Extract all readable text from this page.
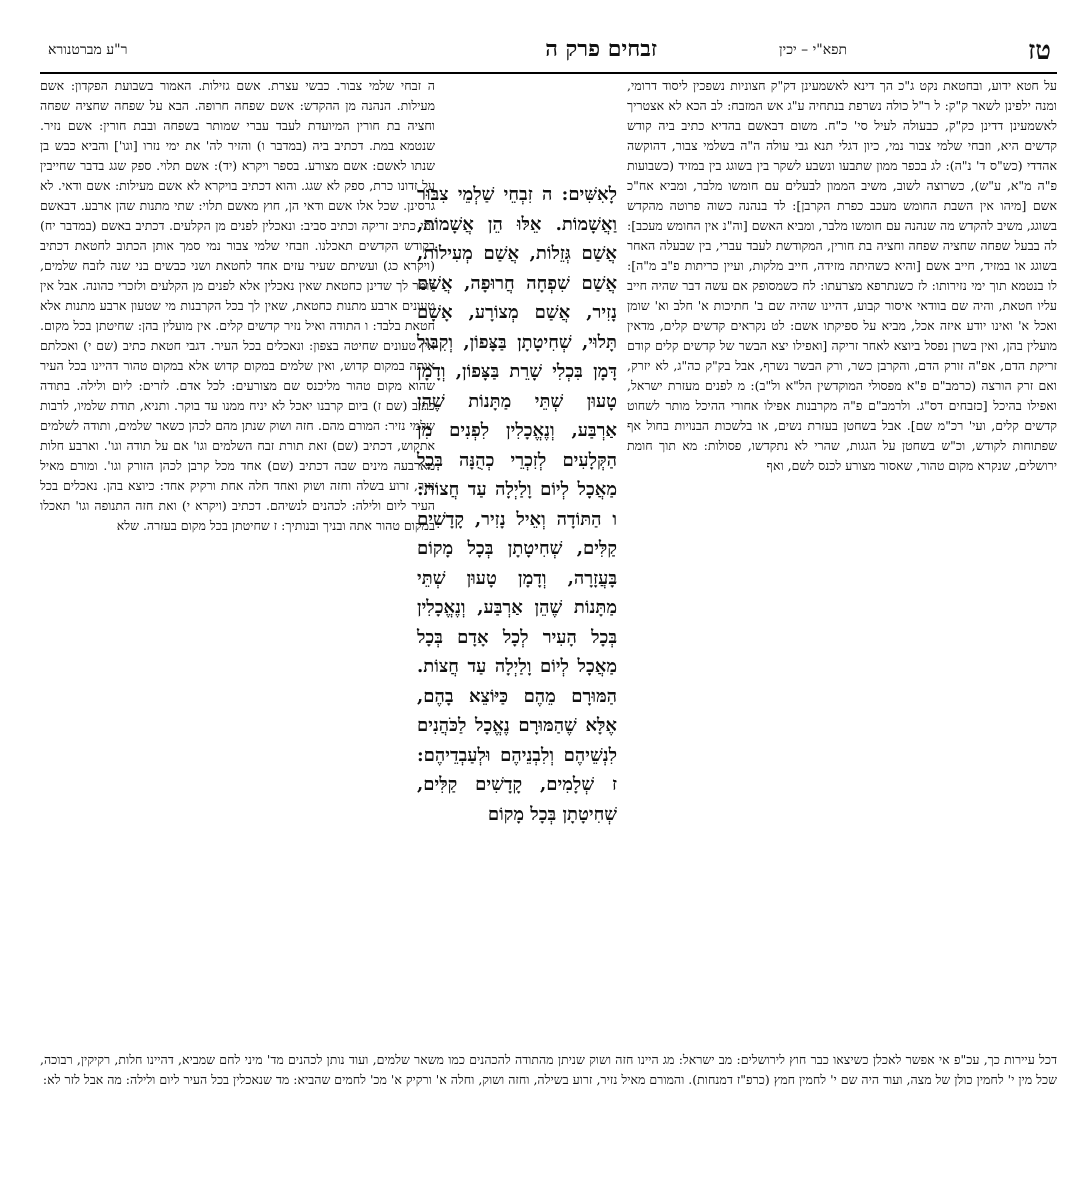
טז
תפא"י – יכין
זבחים פרק ה
ר"ע מברטנורא
על חטא ידוע, ובחטאת נקט ג"כ הך דינא לאשמעינן דק"ק חצוניות נשפכין ליסוד דרומי, ומנה ילפינן לשאר ק"ק: ל ר"ל כולה נשרפת בנתחיה ע"ג אש המזבח: לב הכא לא אצטריך לאשמעינן דדינן כק"ק, כבעולה לעיל סי' כ"ח. משום דבאשם בהדיא כתיב ביה קודש קדשים היא, וזבחי שלמי צבור נמי, כיון דגלי תנא גבי עולה ה"ה בשלמי צבור, דהוקשה אהדדי (כש"ס ד' נ"ה): לג בכפר ממון שתבעו ונשבע לשקר בין בשוגג בין במזיד (כשבועות פ"ה מ"א, ע"ש), כשרוצה לשוב, משיב הממון לבעלים עם חומשו מלבר, ומביא אח"כ אשם [מיהו אין השבת החומש מעכב כפרת הקרבן]: לד בנהנה כשוה פרוטה מהקדש בשוגג, משיב להקדש מה שנהנה עם חומשו מלבר, ומביא האשם [וה"נ אין החומש מעכב]: לה בבעל שפחה שחציה שפחה וחציה בת חורין, המקודשת לעבד עברי, בין שבעלה האחר בשוגג או במזיד, חייב אשם [והיא כשהיתה מזידה, חייב מלקות, ועיין כריתות פ"ב מ"ה]: לו בנטמא תוך ימי נזירותו: לז כשנתרפא מצרעתו: לח כשמסופק אם עשה דבר שהיה חייב עליו חטאת, והיה שם בוודאי איסור קבוע, דהיינו שהיה שם ב' חתיכות א' חלב וא' שומן ואכל א' ואינו יודע איזה אכל, מביא על ספיקתו אשם: לט נקראים קדשים קלים, מדאין מועלין בהן, ואין בשרן נפסל ביוצא לאחר זריקה [ואפילו יצא הבשר של קדשים קלים קודם זריקת הדם, אפ"ה זורק הדם, והקרבן כשר, ורק הבשר נשרף, אבל בק"ק כה"ג, לא יזרק, ואם זרק הורצה (כרמב"ם פ"א מפסולי המוקדשין הל"א ול"ב): מ לפנים מעזרת ישראל, ואפילו בהיכל [כזבחים דס"ג. ולרמב"ם פ"ה מקרבנות אפילו אחורי ההיכל מותר לשחוט קדשים קלים, ועי' רכ"מ שם]. אבל בשחטן בעזרת נשים, או בלשכות הבנויות בחול אף שפתוחות לקודש, וכ"ש בשחטן על הגגות, שהרי לא נתקדשו, פסולות: מא תוך חומת ירושלים, שנקרא מקום טהור, שאסור מצורע לכנס לשם, ואף
לָאִשִּׁים: ה זִבְחֵי שַׁלְמֵי צִבּוּר וַאֲשָׁמוֹת. אֵלּוּ הֵן אֲשָׁמוֹת, אֲשַׁם גְּזֵלוֹת, אֲשַׁם מְעִילוֹת, אֲשַׁם שִׁפְחָה חֲרוּפָה, אֲשַׁם נָזִיר, אֲשַׁם מְצוֹרָע, אָשָׁם תָּלוּי, שְׁחִיטָתָן בַּצָּפוֹן, וְקִבּוּל דָּמָן בִּכְלִי שָׁרֵת בַּצָּפוֹן, וְדָמָן טָעוּן שְׁתֵּי מַתָּנוֹת שֶׁהֵן אַרְבַּע, וְנֶאֱכָלִין לִפְנִים מִן הַקְּלָעִים לְזִכְרֵי כְהֻנָּה בְּכָל מַאֲכָל לְיוֹם וָלַיְלָה עַד חֲצוֹת: ו הַתּוֹדָה וְאֵיל נָזִיר, קָדָשִׁים קַלִּים, שְׁחִיטָתָן בְּכָל מָקוֹם בָּעֲזָרָה, וְדָמָן טָעוּן שְׁתֵּי מַתָּנוֹת שֶׁהֵן אַרְבַּע, וְנֶאֱכָלִין בְּכָל הָעִיר לְכָל אָדָם בְּכָל מַאֲכָל לְיוֹם וָלַיְלָה עַד חֲצוֹת. הַמּוּרָם מֵהֶם כַּיּוֹצֵא בָהֶם, אֶלָּא שֶׁהַמּוּרָם נֶאֱכָל לַכֹּהֲנִים לִנְשֵׁיהֶם וְלִבְנֵיהֶם וּלְעַבְדֵיהֶם: ז שְׁלָמִים, קָדָשִׁים קַלִּים, שְׁחִיטָתָן בְּכָל מָקוֹם
ה זבחי שלמי צבור. כבשי עצרת. אשם גזילות. האמור בשבועת הפקדון: אשם מעילות. הנהנה מן ההקדש: אשם שפחה חרופה. הבא על שפחה שחציה שפחה וחציה בת חורין המיועדת לעבד עברי שמותר בשפחה ובבת חורין: אשם נזיר. שנטמא במת. דכתיב ביה (במדבר ו) והזיר לה' את ימי נזרו [וגו'] והביא כבש בן שנתו לאשם: אשם מצורע. בספר ויקרא (יד): אשם תלוי. ספק שגג בדבר שחייבין על זדונו כרת, ספק לא שגג. והוא דכתיב בויקרא לא אשם מעילות: אשם ודאי. לא גרסינן. שכל אלו אשם ודאי הן, חוץ מאשם תלוי: שתי מתנות שהן ארבע. דבאשם נמי כתיב זריקה וכתיב סביב: ונאכלין לפנים מן הקלעים. דכתיב באשם (במדבר יח) בקודש הקדשים תאכלנו. וזבחי שלמי צבור נמי סמך אותן הכתוב לחטאת דכתיב (ויקרא כג) ועשיתם שעיר עזים אחד לחטאת ושני כבשים בני שנה לזבח שלמים, לומר לך שדינן כחטאת שאין נאכלין אלא לפנים מן הקלעים ולזכרי כהונה. אבל אין טעונים ארבע מתנות כחטאת, שאין לך בכל הקרבנות מי שטעון ארבע מתנות אלא חטאת בלבד: ו התודה ואיל נזיר קדשים קלים. אין מועלין בהן: שחיטתן בכל מקום. אין טעונים שחיטה בצפון: ונאכלים בכל העיר. דגבי חטאת כתיב (שם י) ואכלתם אותה במקום קדוש, ואין שלמים במקום קדוש אלא במקום טהור דהיינו בכל העיר שהוא מקום טהור מליכנס שם מצורעים: לכל אדם. לזרים: ליום ולילה. בתודה כתיב (שם ז) ביום קרבנו יאכל לא יניח ממנו עד בוקר. ותניא, תודת שלמיו, לרבות שלמי נזיר: המורם מהם. חזה ושוק שנתן מהם לכהן כשאר שלמים, ותודה לשלמים אתקוש, דכתיב (שם) זאת תורת זבח השלמים וגו' אם על תודה וגו'. וארבע חלות מארבעה מינים שבה דכתיב (שם) אחד מכל קרבן לכהן הזורק וגו'. ומורם מאיל נזיר, זרוע בשלה וחזה ושוק ואחד חלה אחת ורקיק אחד: כיוצא בהן. נאכלים בכל העיר ליום ולילה: לכהנים לנשיהם. דכתיב (ויקרא י) ואת חזה התנופה וגו' תאכלו במקום טהור אתה ובניך ובנותיך: ז שחיטתן בכל מקום בעזרה. שלא
דכל עיירות כך, עכ"פ אי אפשר לאכלן כשיצאו כבר חוץ לירושלים: מב ישראל: מג היינו חזה ושוק שניתן מהתודה להכהנים כמו משאר שלמים, ועוד נותן לכהנים מד' מיני לחם שמביא, דהיינו חלות, רקיקין, רבוכה, שכל מין י' לחמין כולן של מצה, ועוד היה שם י' לחמין חמץ (כרפ"ז דמנחות). והמורם מאיל נזיר, זרוע בשילה, וחזה ושוק, וחלה א' ורקיק א' מכ' לחמים שהביא: מד שנאכלין בכל העיר ליום ולילה: מה אבל לזר לא:
